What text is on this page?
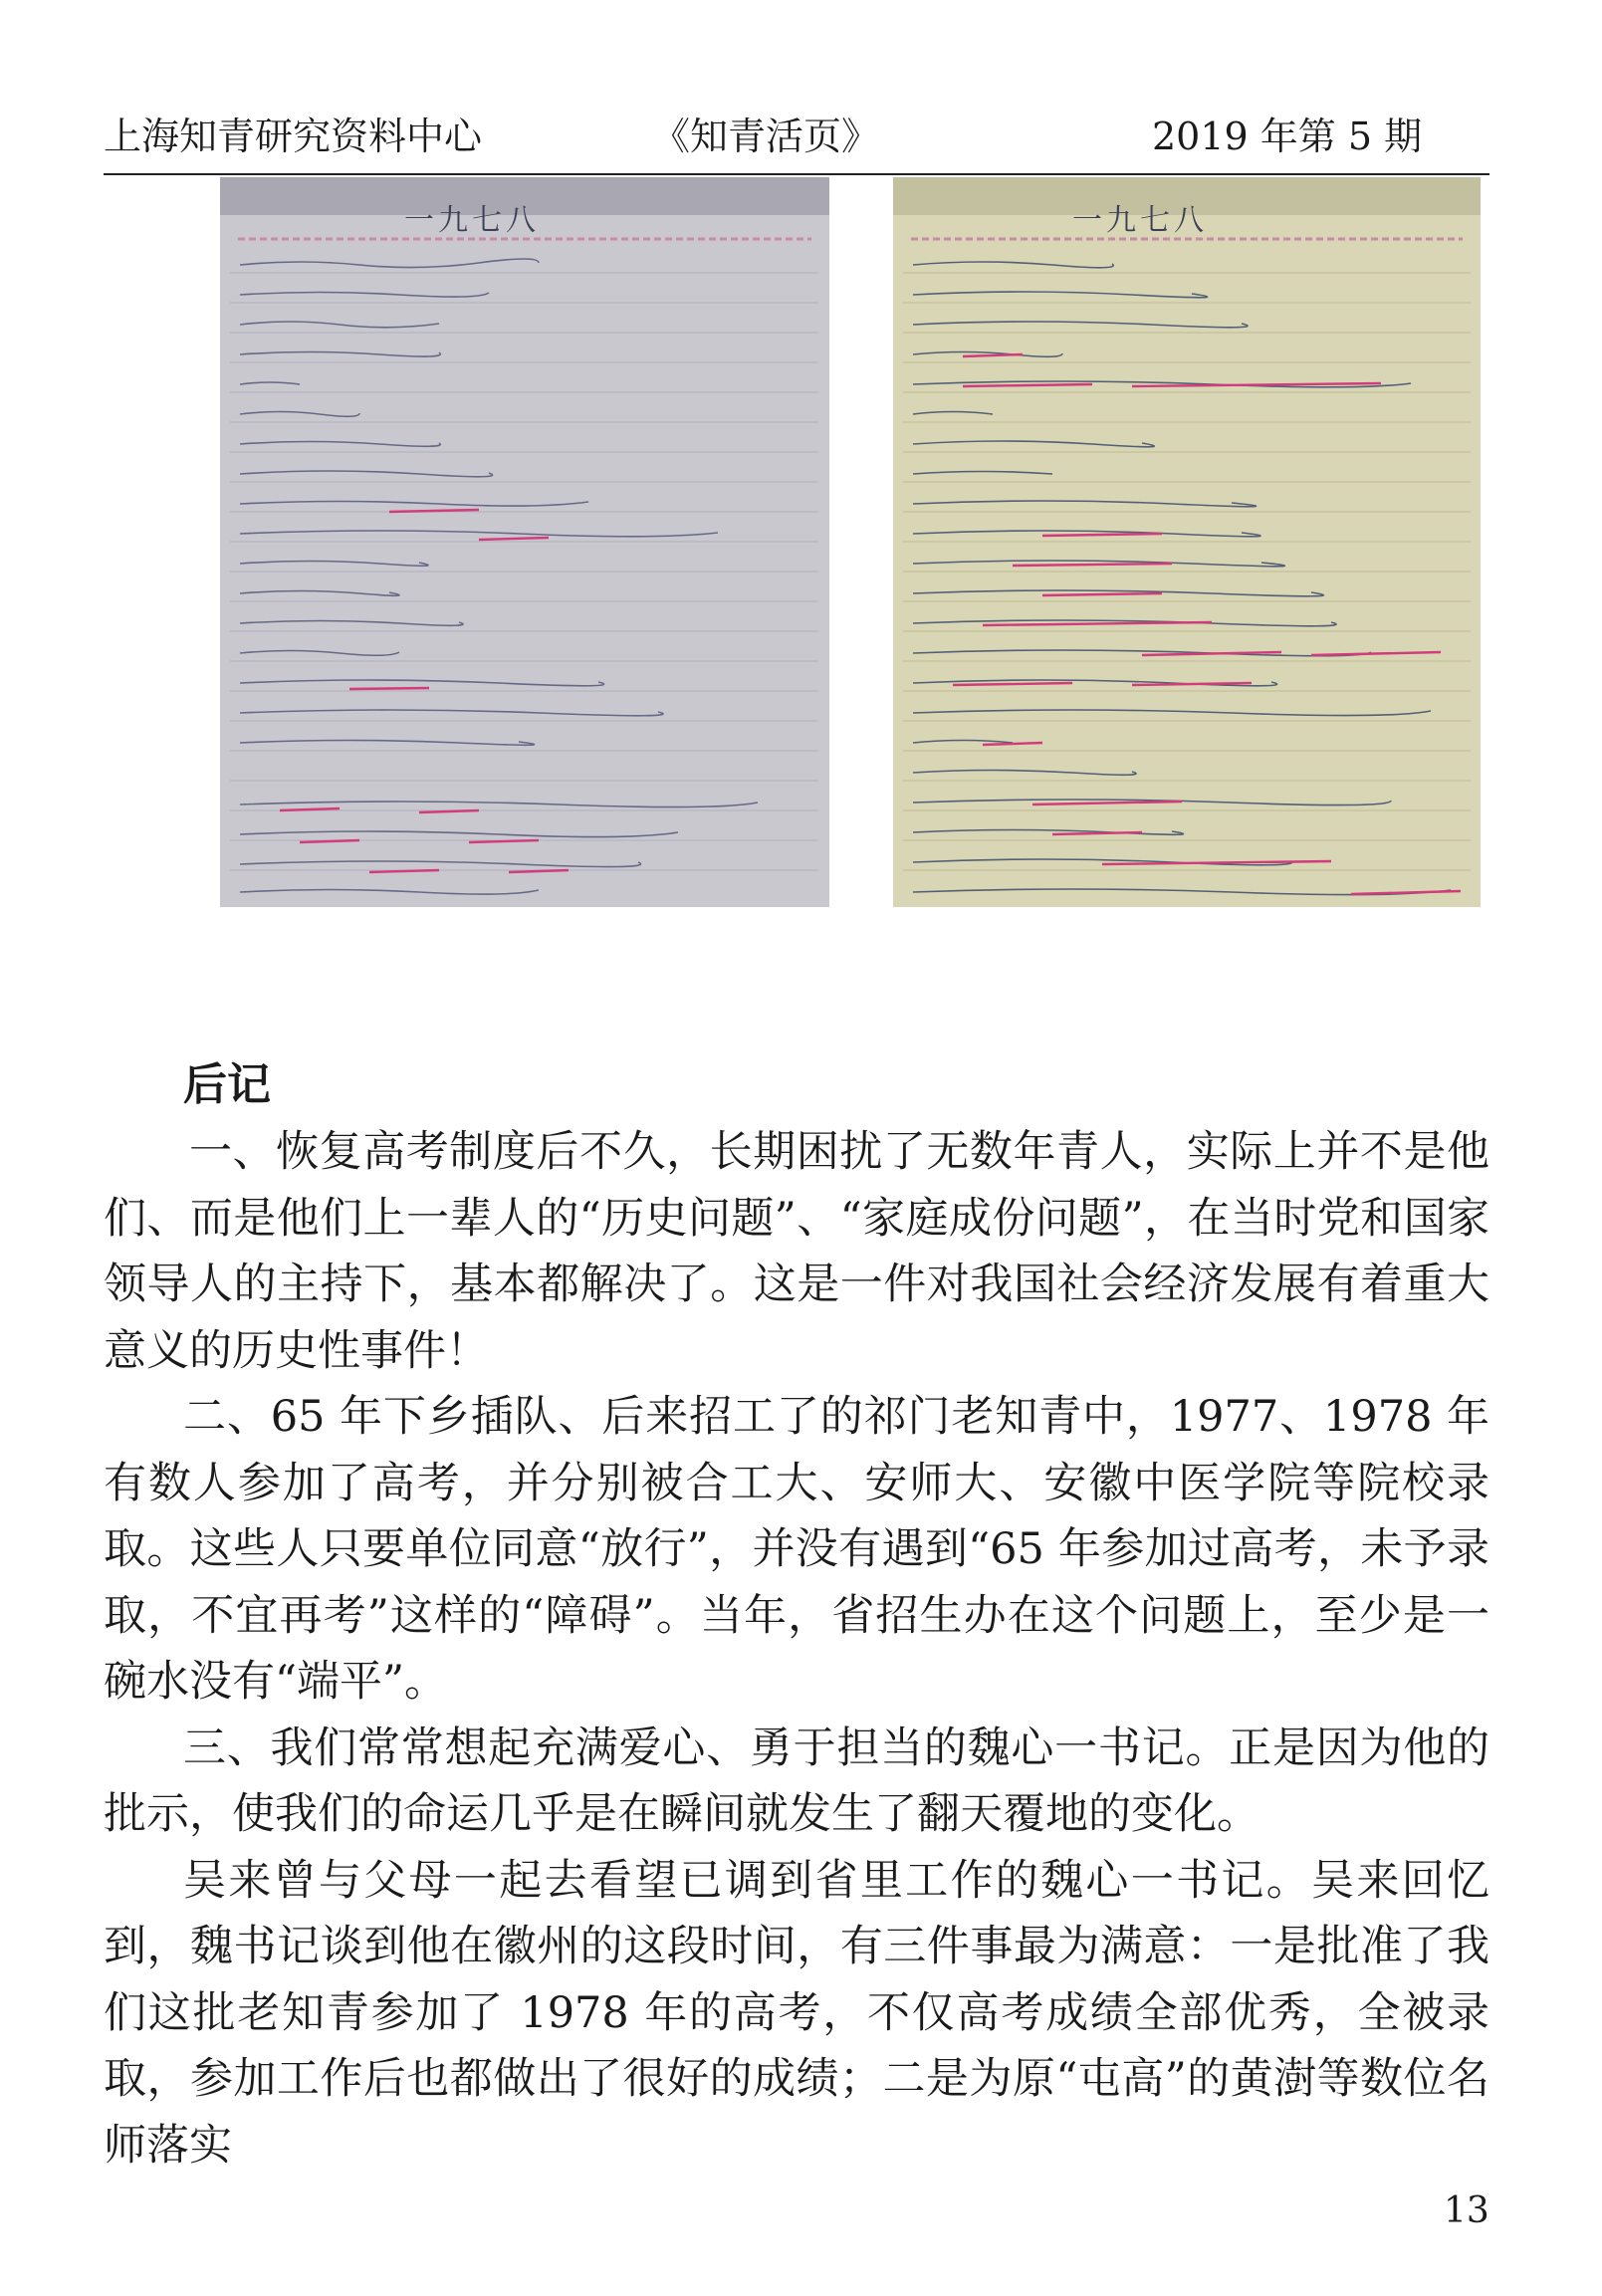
上海知青研究资料中心	《知青活页》	2019 年第 5 期
一九七八	一九七八
后记

一、恢复高考制度后不久，长期困扰了无数年青人，实际上并不是他们、而是他们上一辈人的“历史问题”、“家庭成份问题”，在当时党和国家领导人的主持下，基本都解决了。这是一件对我国社会经济发展有着重大意义的历史性事件！

二、65 年下乡插队、后来招工了的祁门老知青中，1977、1978 年有数人参加了高考，并分别被合工大、安师大、安徽中医学院等院校录取。这些人只要单位同意“放行”，并没有遇到“65 年参加过高考，未予录取，不宜再考”这样的“障碍”。当年，省招生办在这个问题上，至少是一碗水没有“端平”。

三、我们常常想起充满爱心、勇于担当的魏心一书记。正是因为他的批示，使我们的命运几乎是在瞬间就发生了翻天覆地的变化。

吴来曾与父母一起去看望已调到省里工作的魏心一书记。吴来回忆到，魏书记谈到他在徽州的这段时间，有三件事最为满意：一是批准了我们这批老知青参加了 1978 年的高考，不仅高考成绩全部优秀，全被录取，参加工作后也都做出了很好的成绩；二是为原“屯高”的黄澍等数位名师落实

13
